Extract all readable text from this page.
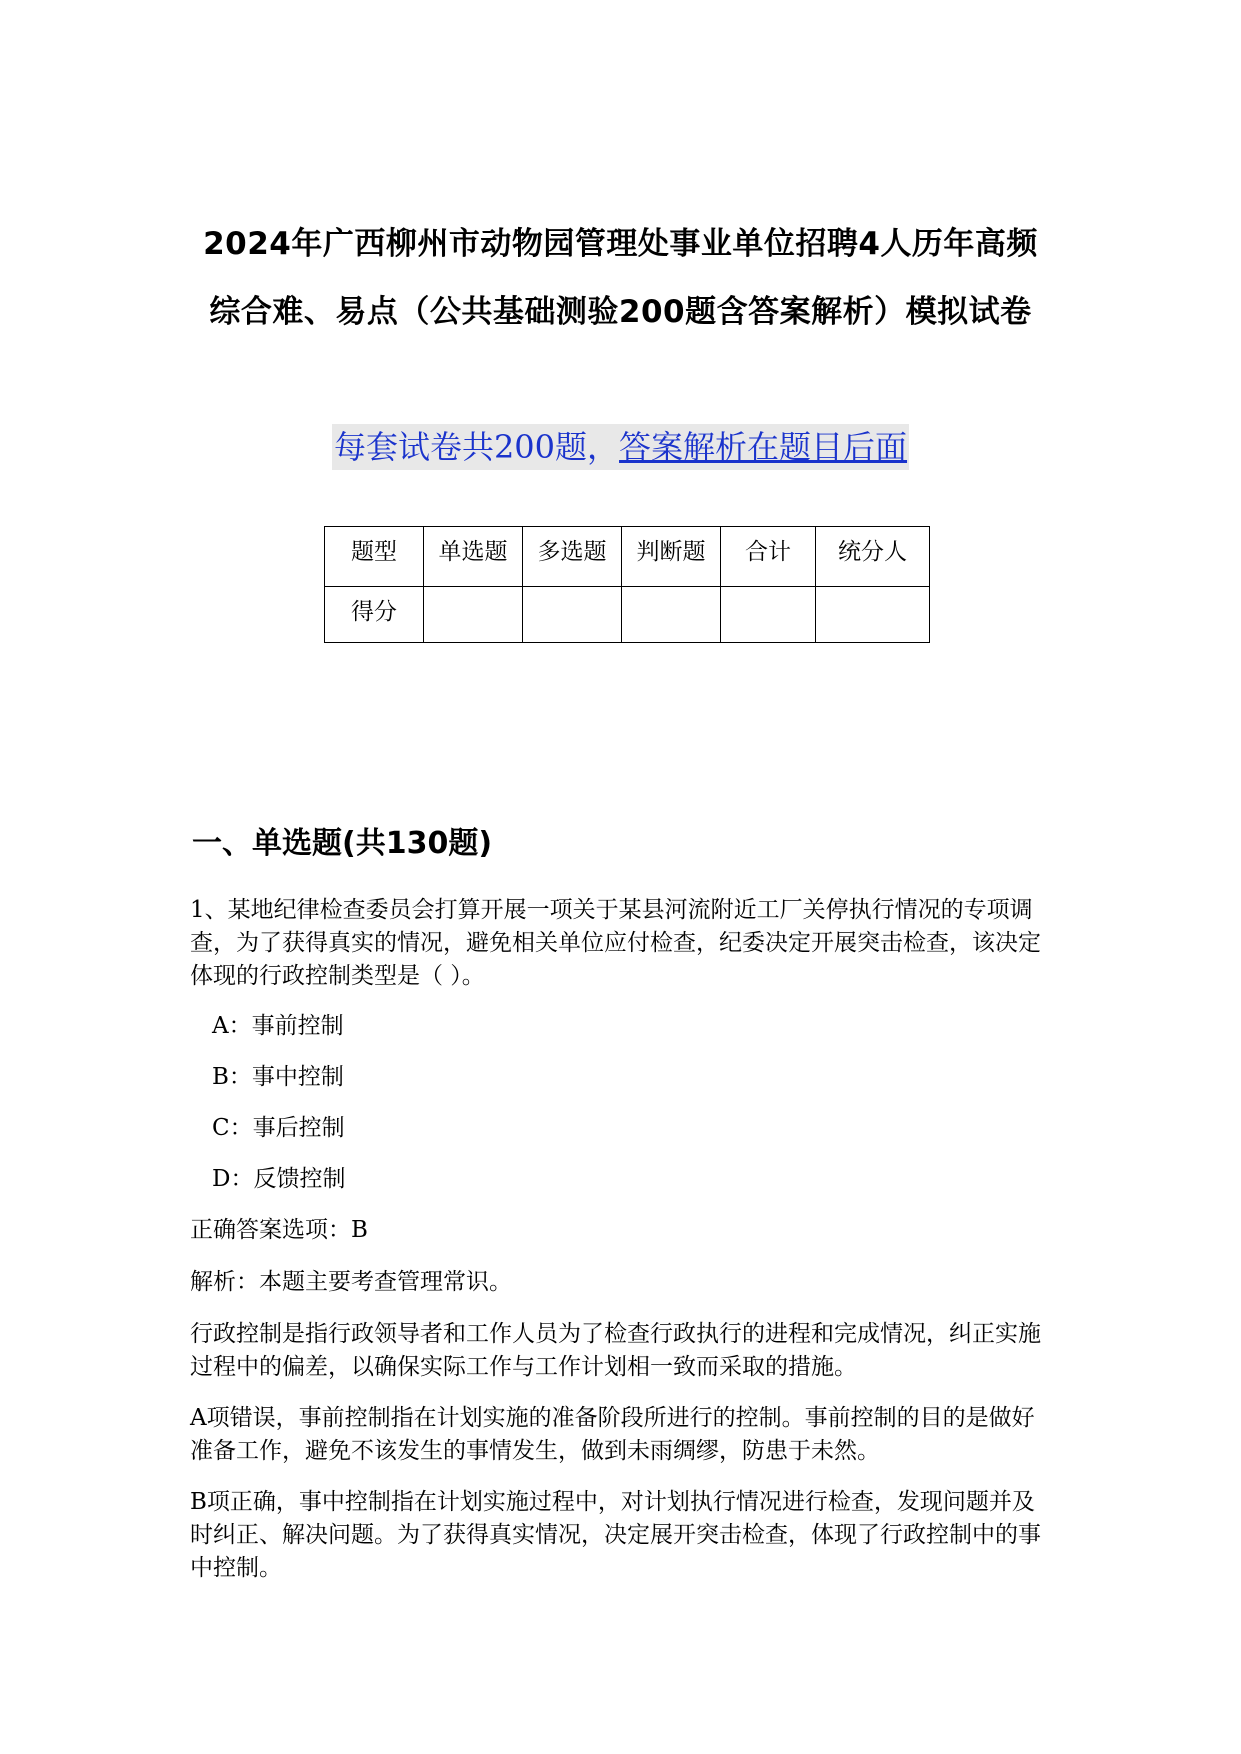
2024年广西柳州市动物园管理处事业单位招聘4人历年高频
综合难、易点（公共基础测验200题含答案解析）模拟试卷
每套试卷共200题，答案解析在题目后面
题型	单选题	多选题	判断题	合计	统分人
得分					
一、单选题(共130题)
1、某地纪律检查委员会打算开展一项关于某县河流附近工厂关停执行情况的专项调查，为了获得真实的情况，避免相关单位应付检查，纪委决定开展突击检查，该决定体现的行政控制类型是（ ）。
A：事前控制
B：事中控制
C：事后控制
D：反馈控制
正确答案选项：B
解析：本题主要考查管理常识。
行政控制是指行政领导者和工作人员为了检查行政执行的进程和完成情况，纠正实施过程中的偏差，以确保实际工作与工作计划相一致而采取的措施。
A项错误，事前控制指在计划实施的准备阶段所进行的控制。事前控制的目的是做好准备工作，避免不该发生的事情发生，做到未雨绸缪，防患于未然。
B项正确，事中控制指在计划实施过程中，对计划执行情况进行检查，发现问题并及时纠正、解决问题。为了获得真实情况，决定展开突击检查，体现了行政控制中的事中控制。
